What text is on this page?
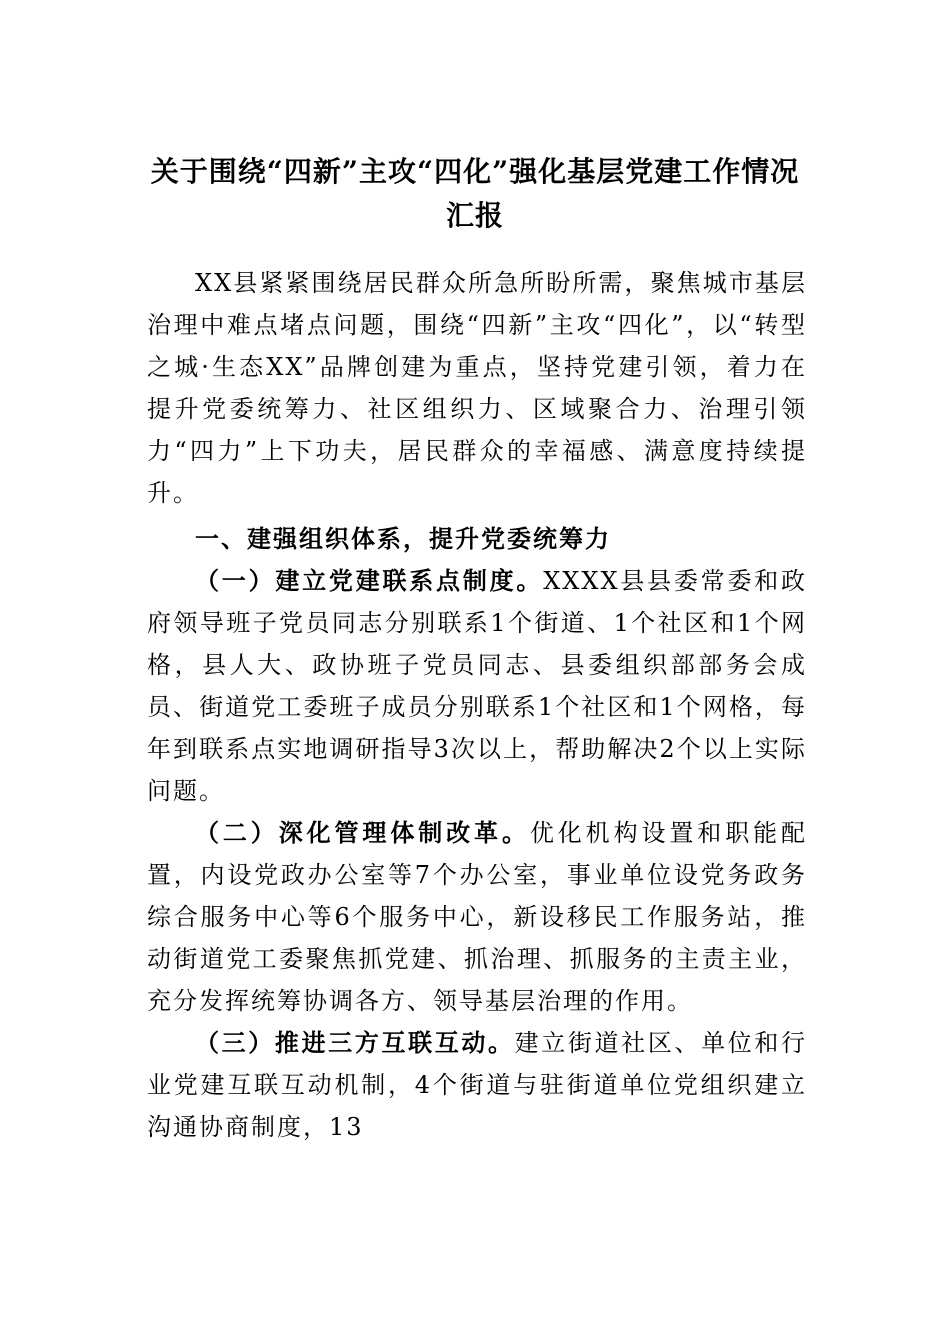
关于围绕“四新”主攻“四化”强化基层党建工作情况汇报

XX县紧紧围绕居民群众所急所盼所需，聚焦城市基层治理中难点堵点问题，围绕“四新”主攻“四化”，以“转型之城·生态XX”品牌创建为重点，坚持党建引领，着力在提升党委统筹力、社区组织力、区域聚合力、治理引领力“四力”上下功夫，居民群众的幸福感、满意度持续提升。

一、建强组织体系，提升党委统筹力

（一）建立党建联系点制度。XXXX县县委常委和政府领导班子党员同志分别联系1个街道、1个社区和1个网格，县人大、政协班子党员同志、县委组织部部务会成员、街道党工委班子成员分别联系1个社区和1个网格，每年到联系点实地调研指导3次以上，帮助解决2个以上实际问题。

（二）深化管理体制改革。优化机构设置和职能配置，内设党政办公室等7个办公室，事业单位设党务政务综合服务中心等6个服务中心，新设移民工作服务站，推动街道党工委聚焦抓党建、抓治理、抓服务的主责主业，充分发挥统筹协调各方、领导基层治理的作用。

（三）推进三方互联互动。建立街道社区、单位和行业党建互联互动机制，4个街道与驻街道单位党组织建立沟通协商制度，13
